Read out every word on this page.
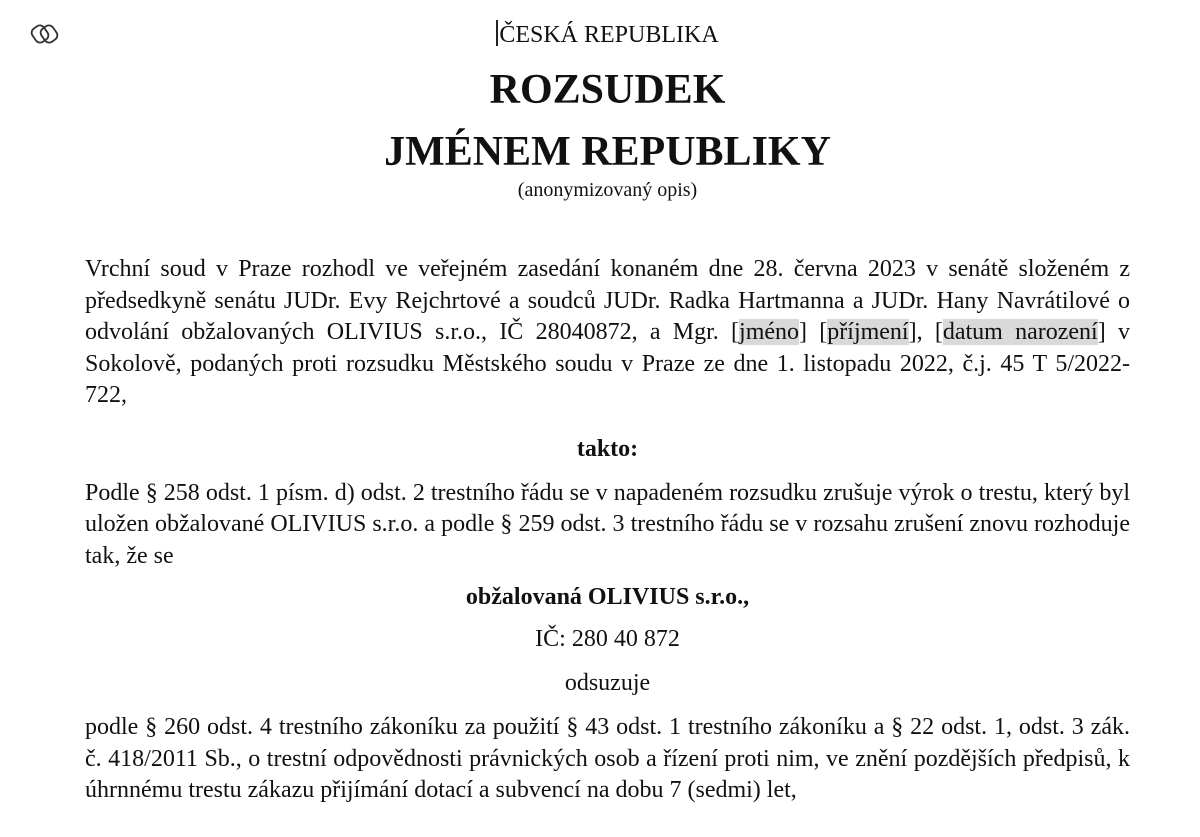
ČESKÁ REPUBLIKA
ROZSUDEK
JMÉNEM REPUBLIKY
(anonymizovaný opis)

Vrchní soud v Praze rozhodl ve veřejném zasedání konaném dne 28. června 2023 v senátě složeném z předsedkyně senátu JUDr. Evy Rejchrtové a soudců JUDr. Radka Hartmanna a JUDr. Hany Navrátilové o odvolání obžalovaných OLIVIUS s.r.o., IČ 28040872, a Mgr. [jméno] [příjmení], [datum narození] v Sokolově, podaných proti rozsudku Městského soudu v Praze ze dne 1. listopadu 2022, č.j. 45 T 5/2022-722,

takto:

Podle § 258 odst. 1 písm. d) odst. 2 trestního řádu se v napadeném rozsudku zrušuje výrok o trestu, který byl uložen obžalované OLIVIUS s.r.o. a podle § 259 odst. 3 trestního řádu se v rozsahu zrušení znovu rozhoduje tak, že se

obžalovaná OLIVIUS s.r.o.,
IČ: 280 40 872
odsuzuje

podle § 260 odst. 4 trestního zákoníku za použití § 43 odst. 1 trestního zákoníku a § 22 odst. 1, odst. 3 zák. č. 418/2011 Sb., o trestní odpovědnosti právnických osob a řízení proti nim, ve znění pozdějších předpisů, k úhrnnému trestu zákazu přijímání dotací a subvencí na dobu 7 (sedmi) let,
